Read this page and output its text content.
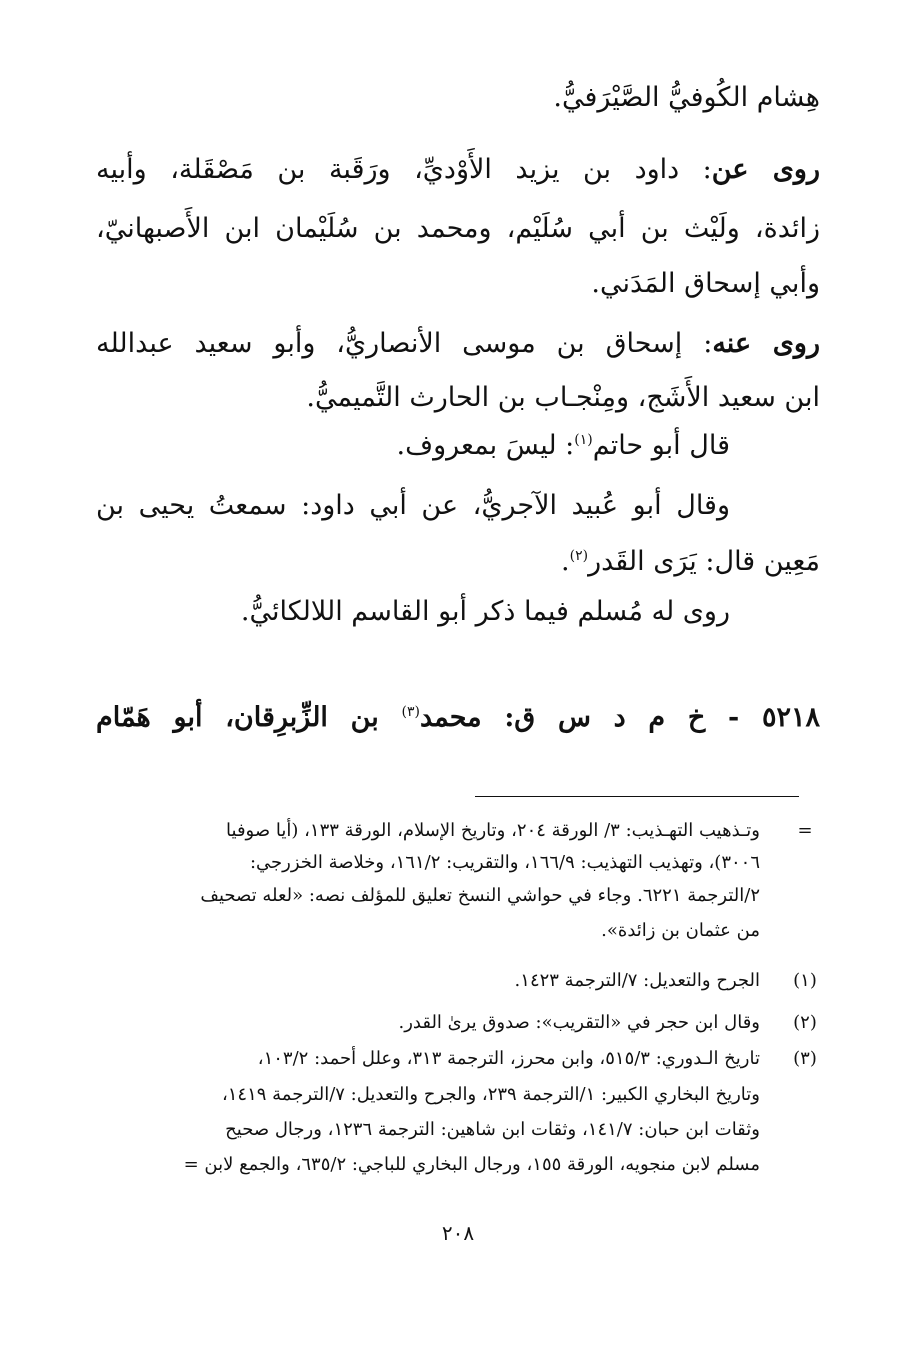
هِشام الكُوفيُّ الصَّيْرَفيُّ.
روى عن: داود بن يزيد الأَوْديِّ، ورَقَبة بن مَصْقَلة، وأبيه
زائدة، ولَيْث بن أبي سُلَيْم، ومحمد بن سُلَيْمان ابن الأَصبهانيّ،
وأبي إسحاق المَدَني.
روى عنه: إسحاق بن موسى الأنصاريُّ، وأبو سعيد عبدالله
ابن سعيد الأَشَج، ومِنْجـاب بن الحارث التَّميميُّ.
قال أبو حاتم$^{(١)}$: ليسَ بمعروف.
وقال أبو عُبيد الآجريُّ، عن أبي داود: سمعتُ يحيى بن
مَعِين قال: يَرَى القَدر$^{(٢)}$.
روى له مُسلم فيما ذكر أبو القاسم اللالكائيُّ.
٥٢١٨ - خ م د س ق: محمد$^{(٣)}$ بن الزِّبرِقان، أبو هَمّام
=
وتـذهيب التهـذيب: ٣/ الورقة ٢٠٤، وتاريخ الإسلام، الورقة ١٣٣، (أيا صوفيا
٣٠٠٦)، وتهذيب التهذيب: ١٦٦/٩، والتقريب: ١٦١/٢، وخلاصة الخزرجي:
٢/الترجمة ٦٢٢١. وجاء في حواشي النسخ تعليق للمؤلف نصه: «لعله تصحيف
من عثمان بن زائدة».
(١)
الجرح والتعديل: ٧/الترجمة ١٤٢٣.
(٢)
وقال ابن حجر في «التقريب»: صدوق يرىٰ القدر.
(٣)
تاريخ الـدوري: ٥١٥/٣، وابن محرز، الترجمة ٣١٣، وعلل أحمد: ١٠٣/٢،
وتاريخ البخاري الكبير: ١/الترجمة ٢٣٩، والجرح والتعديل: ٧/الترجمة ١٤١٩،
وثقات ابن حبان: ١٤١/٧، وثقات ابن شاهين: الترجمة ١٢٣٦، ورجال صحيح
مسلم لابن منجويه، الورقة ١٥٥، ورجال البخاري للباجي: ٦٣٥/٢، والجمع لابن =
٢٠٨
